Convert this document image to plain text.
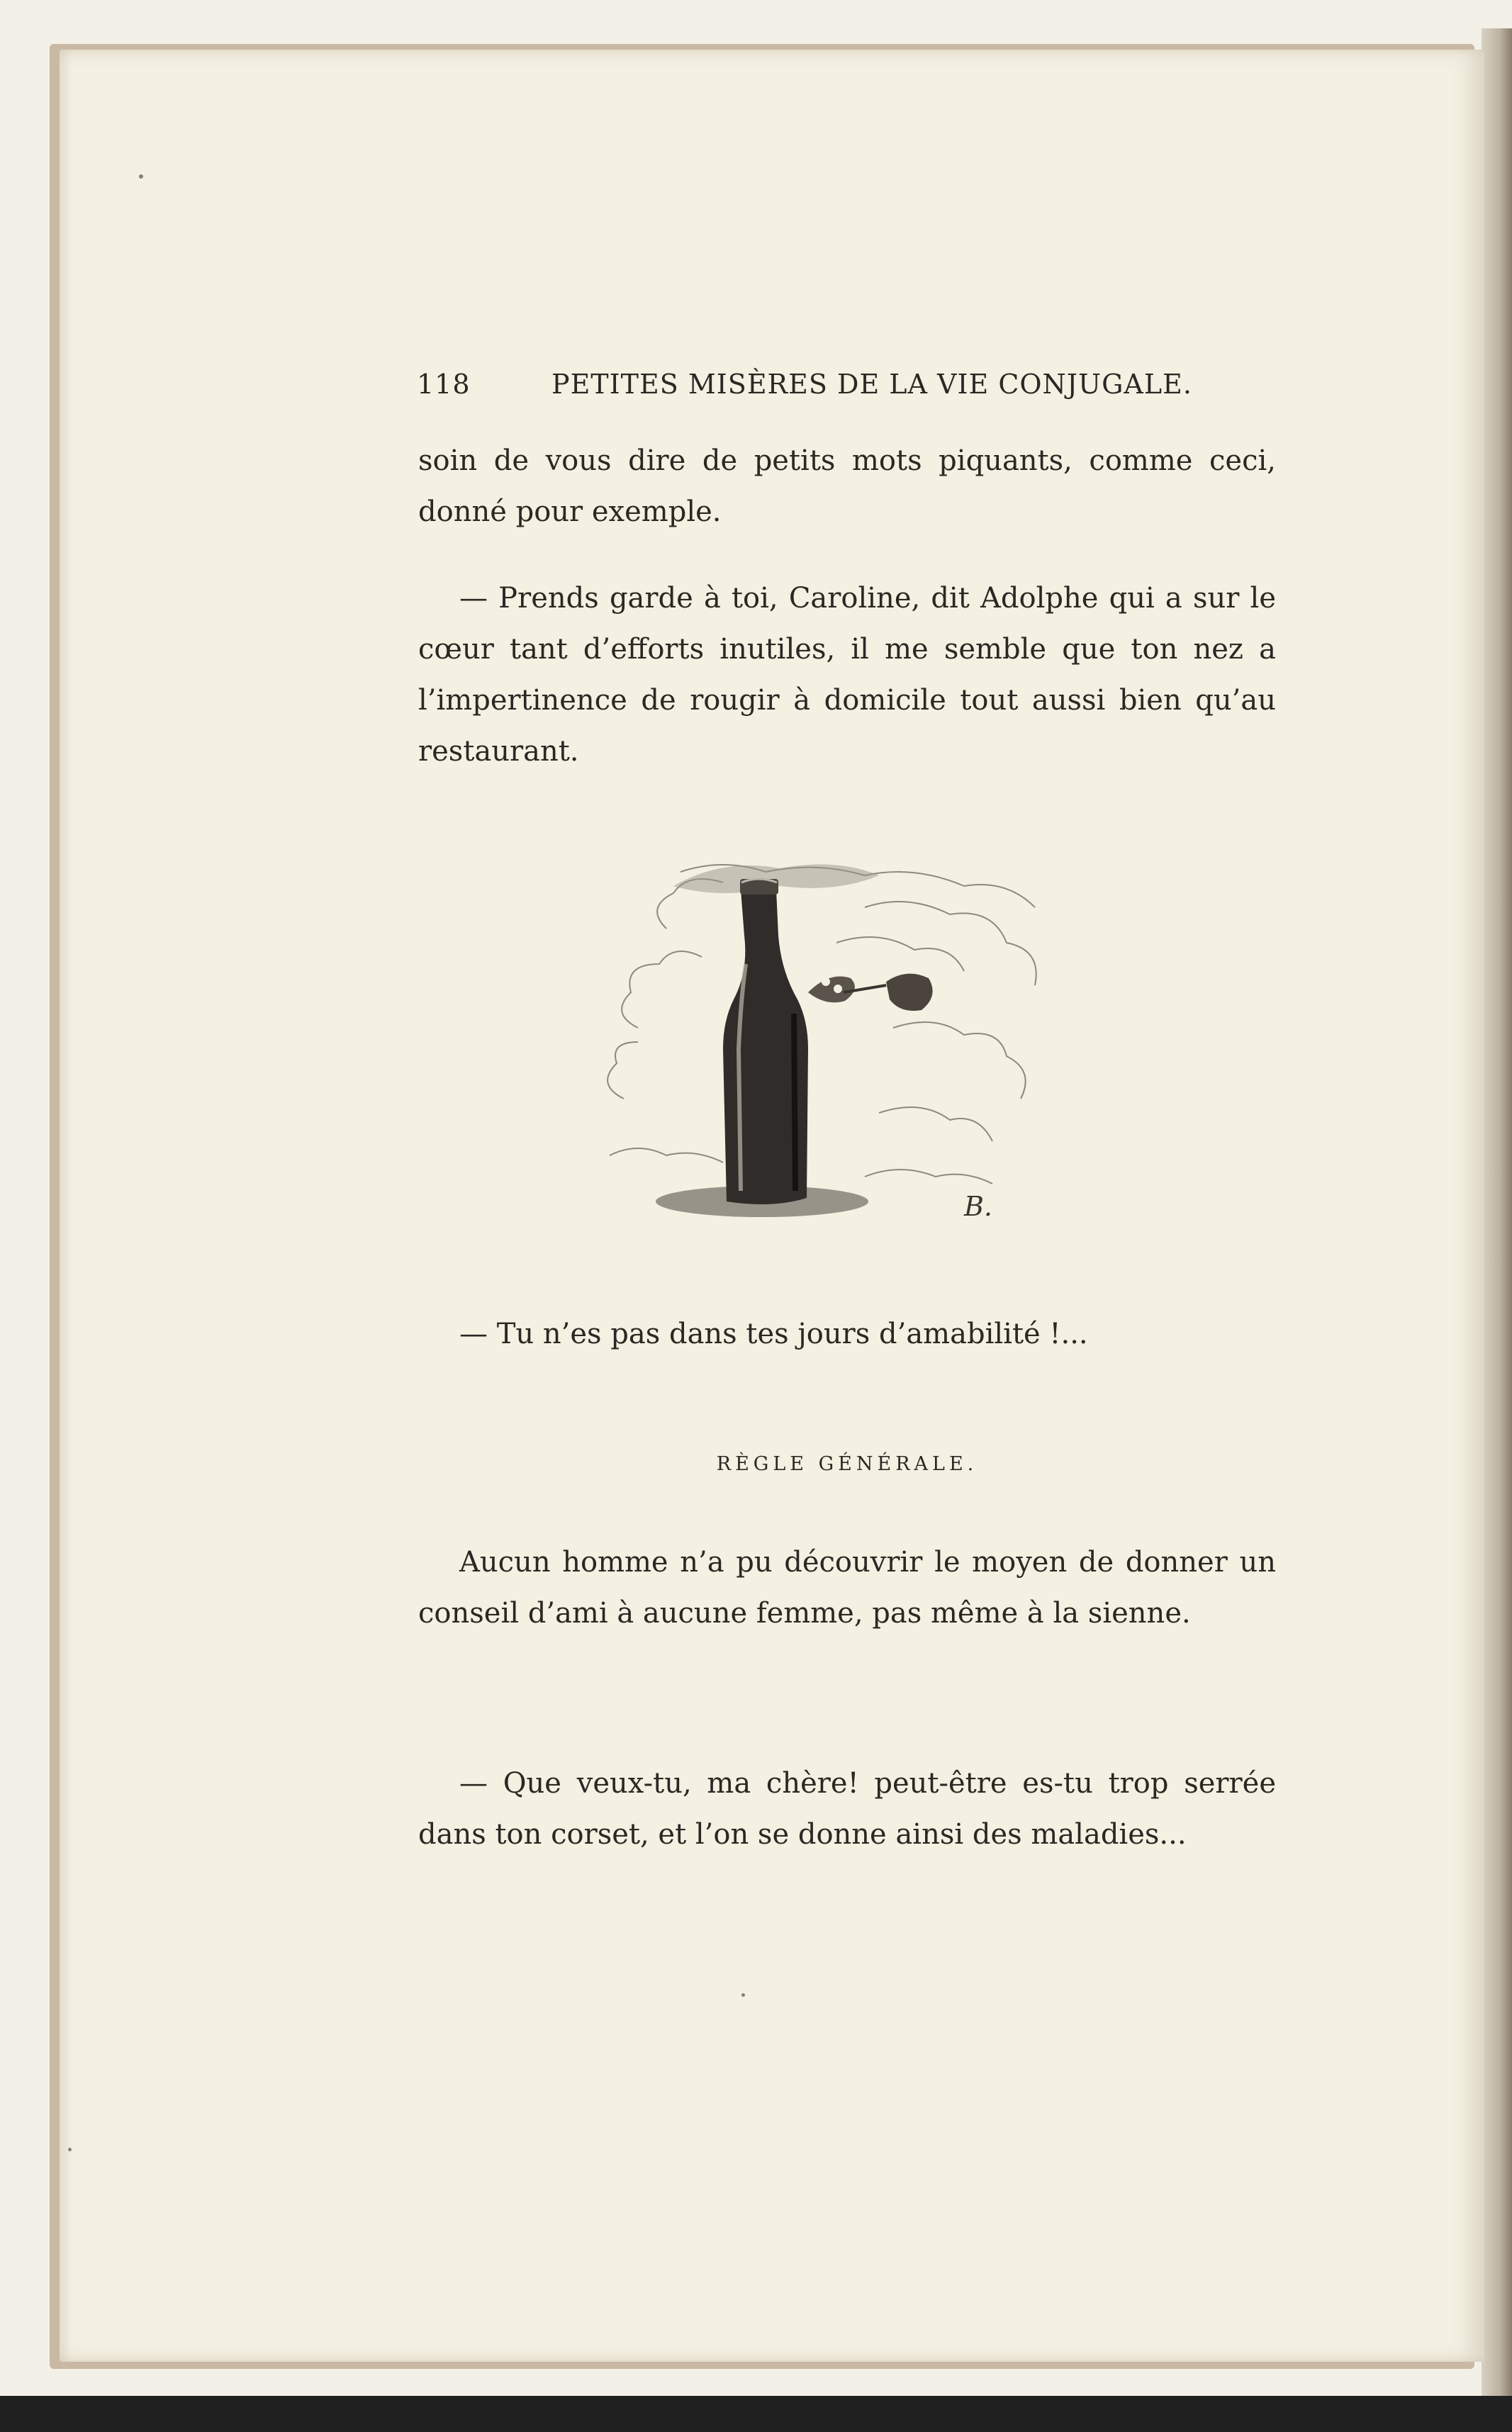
118	PETITES MISÈRES DE LA VIE CONJUGALE.

soin de vous dire de petits mots piquants, comme ceci, donné pour exemple.

— Prends garde à toi, Caroline, dit Adolphe qui a sur le cœur tant d’efforts inutiles, il me semble que ton nez a l’impertinence de rougir à domicile tout aussi bien qu’au restaurant.

B.

— Tu n’es pas dans tes jours d’amabilité !...

RÈGLE GÉNÉRALE.

Aucun homme n’a pu découvrir le moyen de donner un conseil d’ami à aucune femme, pas même à la sienne.

— Que veux-tu, ma chère! peut-être es-tu trop serrée dans ton corset, et l’on se donne ainsi des maladies...
